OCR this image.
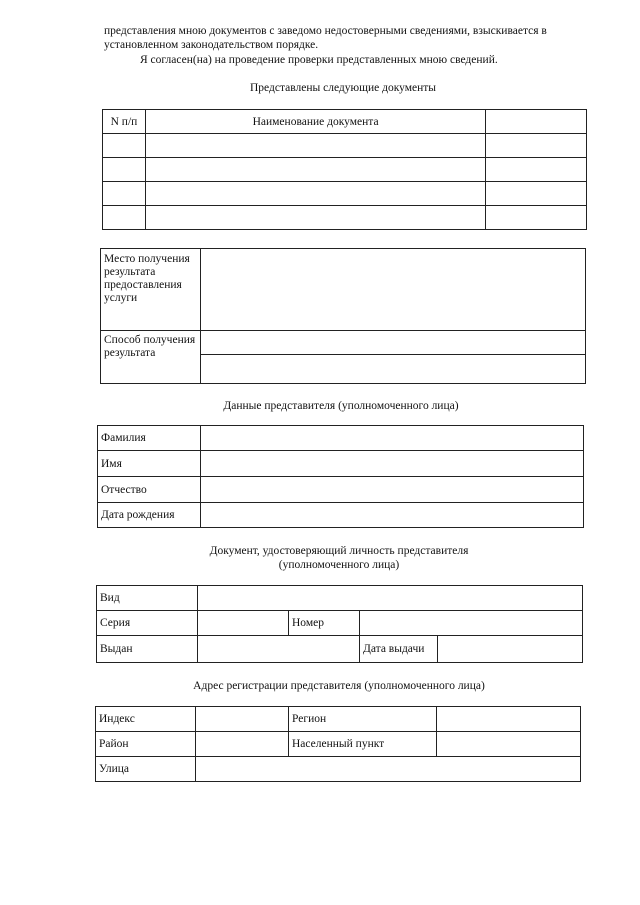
представления мною документов с заведомо недостоверными сведениями, взыскивается в
установленном законодательством порядке.
Я согласен(на) на проведение проверки представленных мною сведений.
Представлены следующие документы
N п/п	Наименование документа	

Место получения результата предоставления услуги	
Способ получения результата	

Данные представителя (уполномоченного лица)
Фамилия	
Имя	
Отчество	
Дата рождения	
Документ, удостоверяющий личность представителя
(уполномоченного лица)
Вид				
Серия		Номер		
Выдан			Дата выдачи	
Адрес регистрации представителя (уполномоченного лица)
Индекс		Регион	
Район		Населенный пункт	
Улица			
